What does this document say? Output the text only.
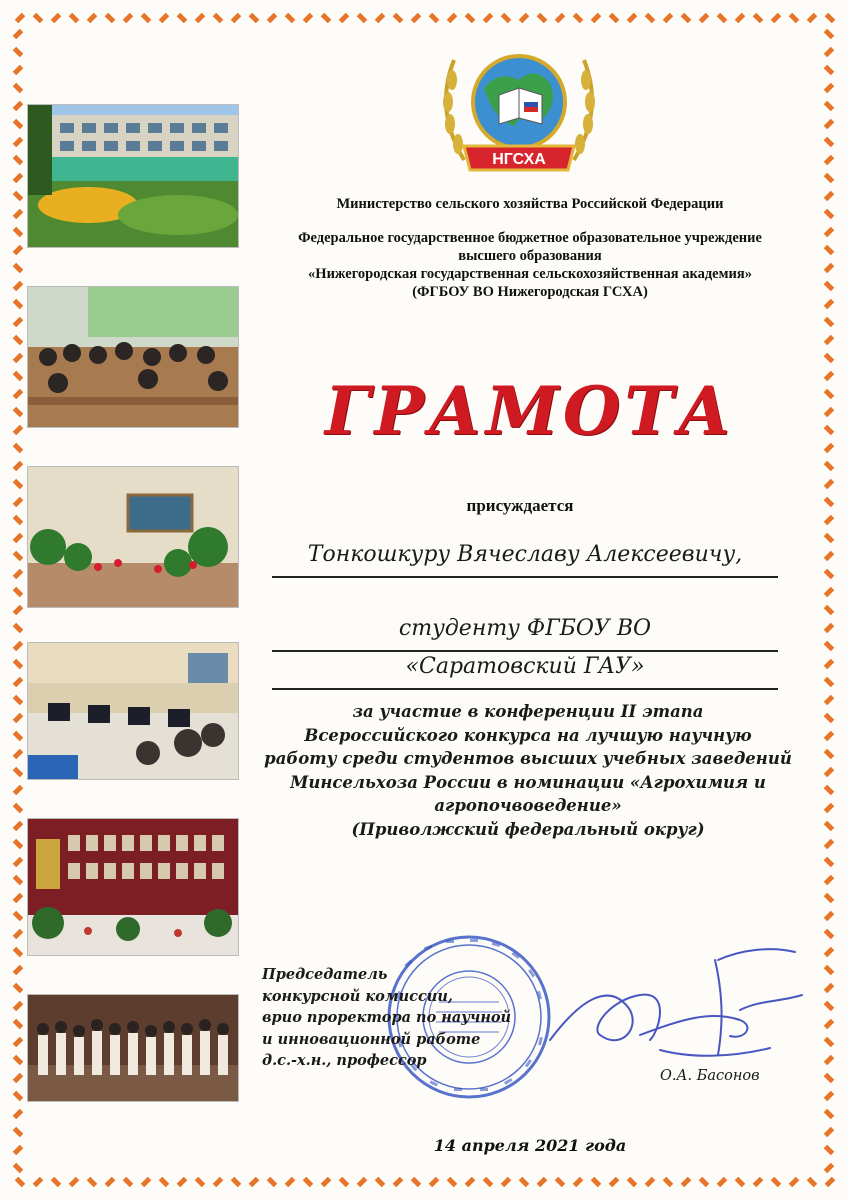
НГСХА
Министерство сельского хозяйства Российской Федерации
Федеральное государственное бюджетное образовательное учреждение
высшего образования
«Нижегородская государственная сельскохозяйственная академия»
(ФГБОУ ВО Нижегородская ГСХА)
ГРАМОТА
присуждается
Тонкошкуру Вячеславу Алексеевичу,
студенту ФГБОУ ВО
«Саратовский ГАУ»
за участие в конференции II этапа
Всероссийского конкурса на лучшую научную
работу среди студентов высших учебных заведений
Минсельхоза России в номинации «Агрохимия и
агропочвоведение»
(Приволжский федеральный округ)
Председатель
конкурсной комиссии,
врио проректора по научной
и инновационной работе
д.с.-х.н., профессор
О.А. Басонов
14 апреля 2021 года
